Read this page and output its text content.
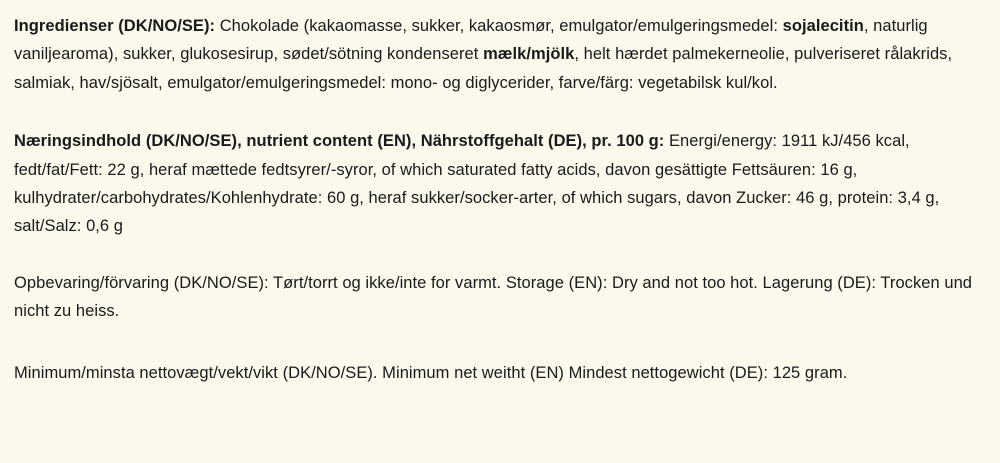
Ingredienser (DK/NO/SE): Chokolade (kakaomasse, sukker, kakaosmør, emulgator/emulgeringsmedel: sojalecitin, naturlig vaniljearoma), sukker, glukosesirup, sødet/sötning kondenseret mælk/mjölk, helt hærdet palmekerneolie, pulveriseret rålakrids, salmiak, hav/sjösalt, emulgator/emulgeringsmedel: mono- og diglycerider, farve/färg: vegetabilsk kul/kol.

Næringsindhold (DK/NO/SE), nutrient content (EN), Nährstoffgehalt (DE), pr. 100 g: Energi/energy: 1911 kJ/456 kcal, fedt/fat/Fett: 22 g, heraf mættede fedtsyrer/-syror, of which saturated fatty acids, davon gesättigte Fettsäuren: 16 g, kulhydrater/carbohydrates/Kohlenhydrate: 60 g, heraf sukker/socker-arter, of which sugars, davon Zucker: 46 g, protein: 3,4 g, salt/Salz: 0,6 g

Opbevaring/förvaring (DK/NO/SE): Tørt/torrt og ikke/inte for varmt. Storage (EN): Dry and not too hot. Lagerung (DE): Trocken und nicht zu heiss.

Minimum/minsta nettovægt/vekt/vikt (DK/NO/SE). Minimum net weitht (EN) Mindest nettogewicht (DE): 125 gram.
